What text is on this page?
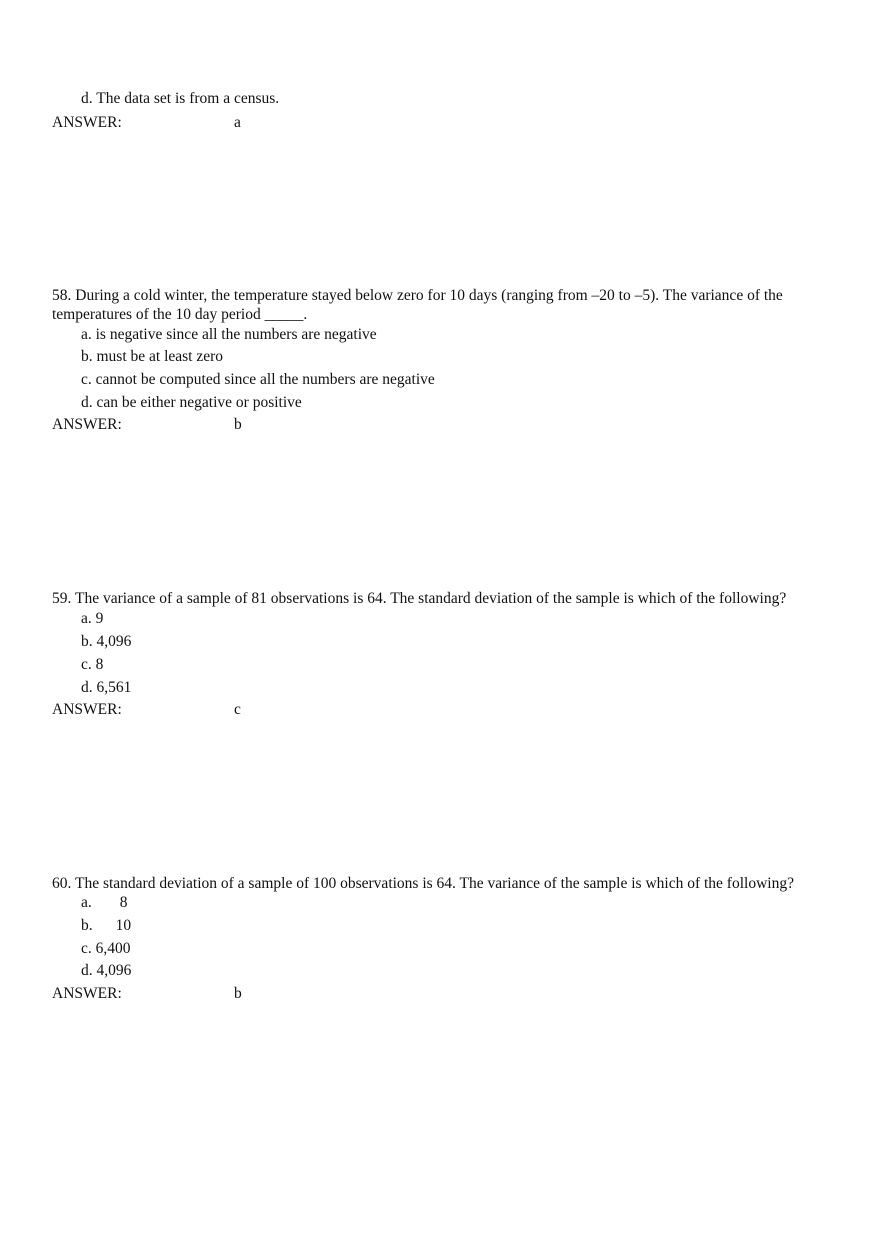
d. The data set is from a census.
ANSWER:	a
58. During a cold winter, the temperature stayed below zero for 10 days (ranging from –20 to –5). The variance of the
temperatures of the 10 day period _____.
a. is negative since all the numbers are negative
b. must be at least zero
c. cannot be computed since all the numbers are negative
d. can be either negative or positive
ANSWER:	b
59. The variance of a sample of 81 observations is 64. The standard deviation of the sample is which of the following?
a. 9
b. 4,096
c. 8
d. 6,561
ANSWER:	c
60. The standard deviation of a sample of 100 observations is 64. The variance of the sample is which of the following?
a. 8
b. 10
c. 6,400
d. 4,096
ANSWER:	b
